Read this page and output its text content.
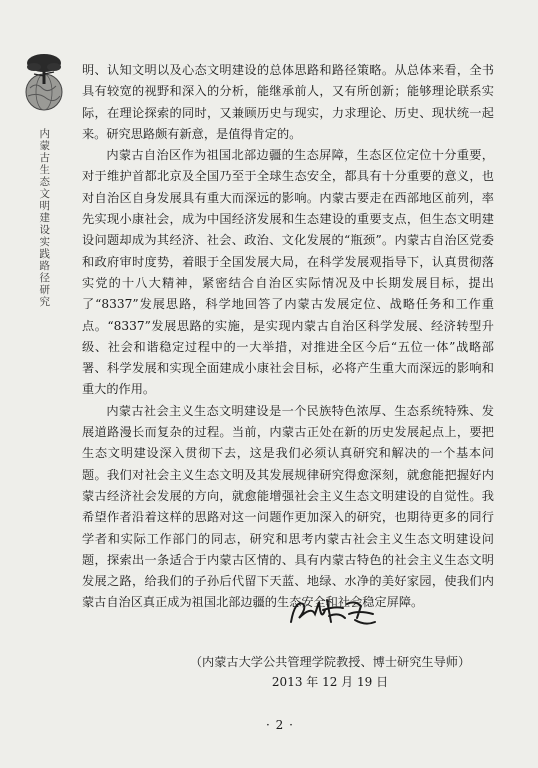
内蒙古生态文明建设实践路径研究

明、认知文明以及心态文明建设的总体思路和路径策略。从总体来看，全书具有较宽的视野和深入的分析，能继承前人，又有所创新；能够理论联系实际，在理论探索的同时，又兼顾历史与现实，力求理论、历史、现状统一起来。研究思路颇有新意，是值得肯定的。

内蒙古自治区作为祖国北部边疆的生态屏障，生态区位定位十分重要，对于维护首都北京及全国乃至于全球生态安全，都具有十分重要的意义，也对自治区自身发展具有重大而深远的影响。内蒙古要走在西部地区前列，率先实现小康社会，成为中国经济发展和生态建设的重要支点，但生态文明建设问题却成为其经济、社会、政治、文化发展的“瓶颈”。内蒙古自治区党委和政府审时度势，着眼于全国发展大局，在科学发展观指导下，认真贯彻落实党的十八大精神，紧密结合自治区实际情况及中长期发展目标，提出了“8337”发展思路，科学地回答了内蒙古发展定位、战略任务和工作重点。“8337”发展思路的实施，是实现内蒙古自治区科学发展、经济转型升级、社会和谐稳定过程中的一大举措，对推进全区今后“五位一体”战略部署、科学发展和实现全面建成小康社会目标，必将产生重大而深远的影响和重大的作用。

内蒙古社会主义生态文明建设是一个民族特色浓厚、生态系统特殊、发展道路漫长而复杂的过程。当前，内蒙古正处在新的历史发展起点上，要把生态文明建设深入贯彻下去，这是我们必须认真研究和解决的一个基本问题。我们对社会主义生态文明及其发展规律研究得愈深刻，就愈能把握好内蒙古经济社会发展的方向，就愈能增强社会主义生态文明建设的自觉性。我希望作者沿着这样的思路对这一问题作更加深入的研究，也期待更多的同行学者和实际工作部门的同志，研究和思考内蒙古社会主义生态文明建设问题，探索出一条适合于内蒙古区情的、具有内蒙古特色的社会主义生态文明发展之路，给我们的子孙后代留下天蓝、地绿、水净的美好家园，使我们内蒙古自治区真正成为祖国北部边疆的生态安全和社会稳定屏障。

（内蒙古大学公共管理学院教授、博士研究生导师）
2013 年 12 月 19 日
· 2 ·
